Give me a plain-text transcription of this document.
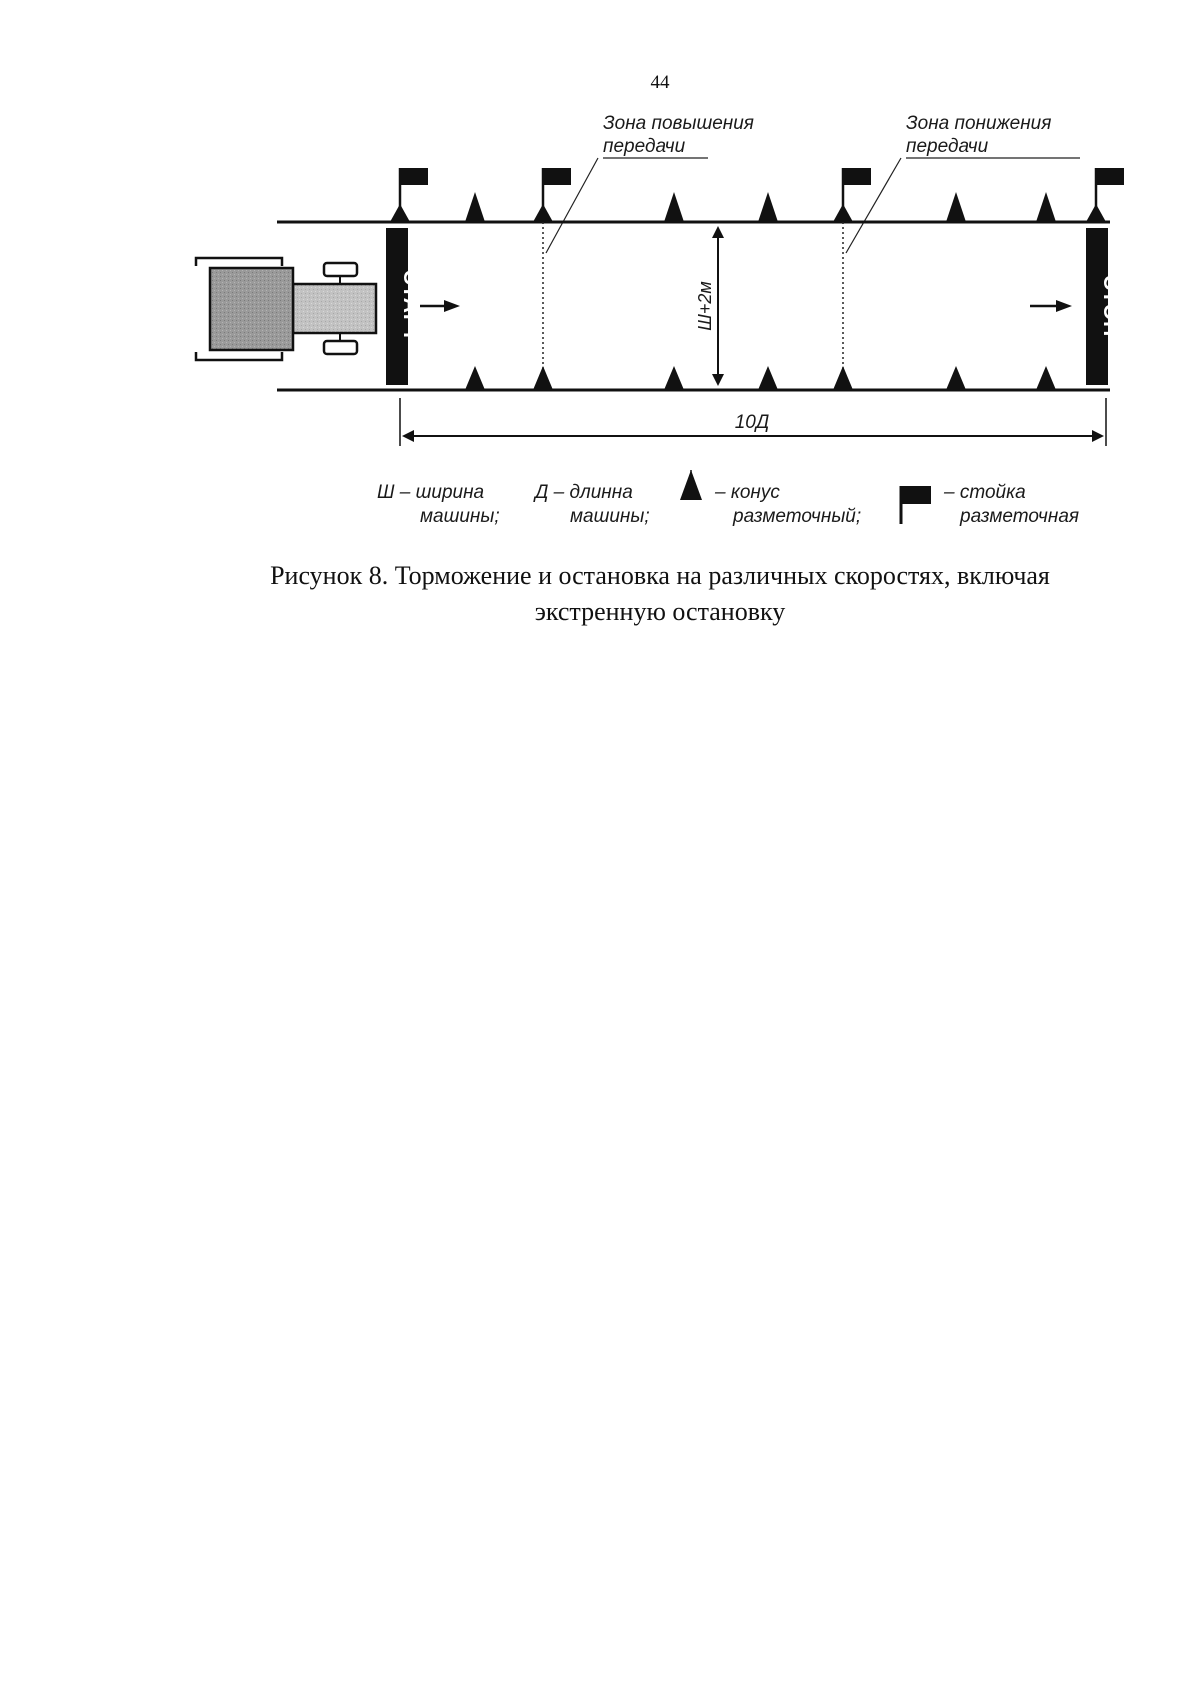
44
Зона повышения
передачи
Зона понижения
передачи
СТАРТ	СТОП
Ш+2м
10Д
Ш – ширина
машины;
Д – длинна
машины;
– конус
разметочный;
– стойка
разметочная
Рисунок 8. Торможение и остановка на различных скоростях, включая
экстренную остановку
